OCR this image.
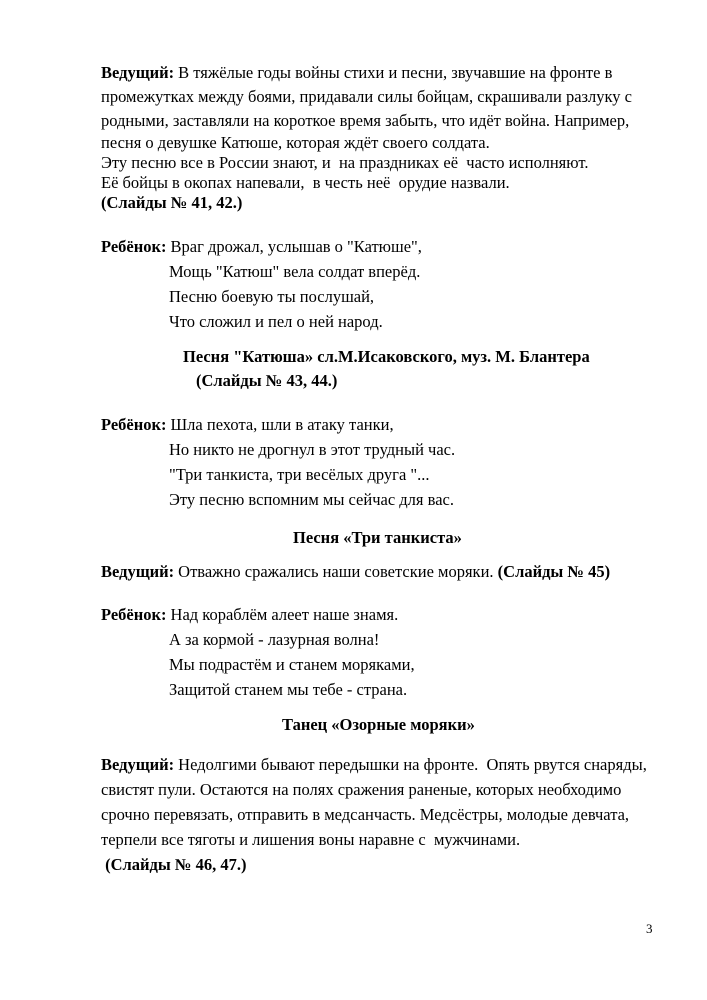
Ведущий: В тяжёлые годы войны стихи и песни, звучавшие на фронте в
промежутках между боями, придавали силы бойцам, скрашивали разлуку с
родными, заставляли на короткое время забыть, что идёт война. Например,
песня о девушке Катюше, которая ждёт своего солдата.
Эту песню все в России знают, и  на праздниках её  часто исполняют.
Её бойцы в окопах напевали,  в честь неё  орудие назвали.
(Слайды № 41, 42.)
Ребёнок: Враг дрожал, услышав о "Катюше",
Мощь "Катюш" вела солдат вперёд.
Песню боевую ты послушай,
Что сложил и пел о ней народ.
Песня "Катюша» сл.М.Исаковского, муз. М. Блантера
(Слайды № 43, 44.)
Ребёнок: Шла пехота, шли в атаку танки,
Но никто не дрогнул в этот трудный час.
"Три танкиста, три весёлых друга "...
Эту песню вспомним мы сейчас для вас.
Песня «Три танкиста»
Ведущий: Отважно сражались наши советские моряки. (Слайды № 45)
Ребёнок: Над кораблём алеет наше знамя.
А за кормой - лазурная волна!
Мы подрастём и станем моряками,
Защитой станем мы тебе - страна.
Танец «Озорные моряки»
Ведущий: Недолгими бывают передышки на фронте.  Опять рвутся снаряды,
свистят пули. Остаются на полях сражения раненые, которых необходимо
срочно перевязать, отправить в медсанчасть. Медсёстры, молодые девчата,
терпели все тяготы и лишения воны наравне с  мужчинами.
(Слайды № 46, 47.)
3
